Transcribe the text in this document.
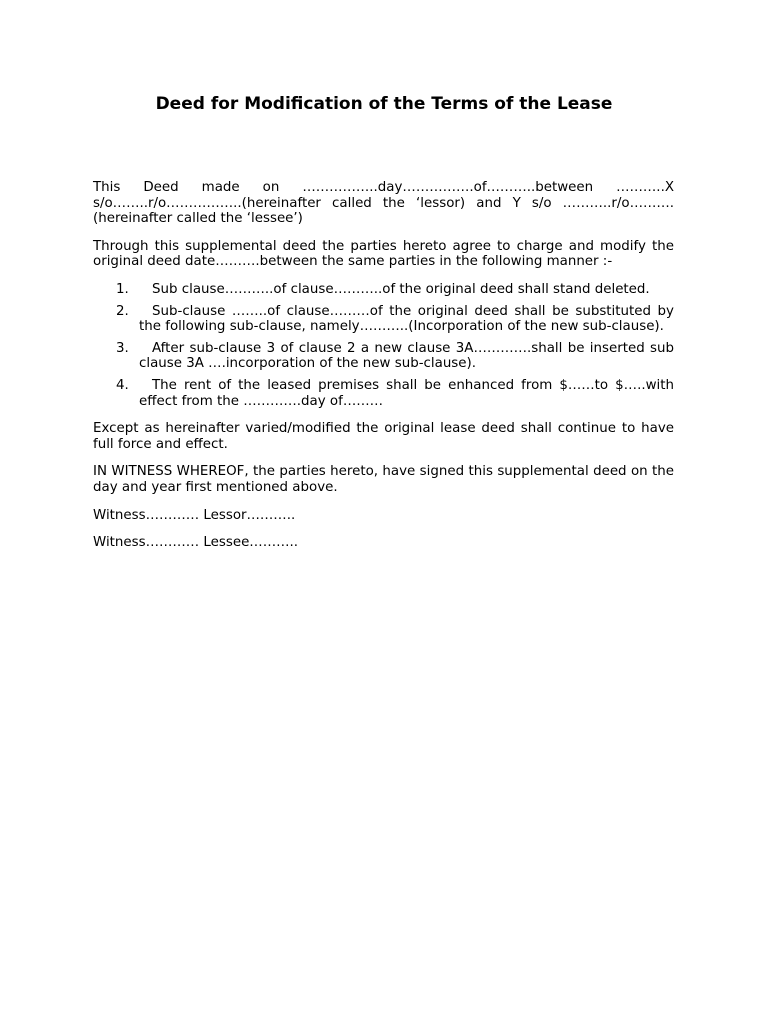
Deed for Modification of the Terms of the Lease

This Deed made on ……………..day…………….of………..between ………..X s/o……..r/o……………..(hereinafter called the ‘lessor) and Y s/o ………..r/o………. (hereinafter called the ‘lessee’)

Through this supplemental deed the parties hereto agree to charge and modify the original deed date……….between the same parties in the following manner :-

1. Sub clause………..of clause………..of the original deed shall stand deleted.
2. Sub-clause ……..of clause………of the original deed shall be substituted by the following sub-clause, namely………..(Incorporation of the new sub-clause).
3. After sub-clause 3 of clause 2 a new clause 3A………….shall be inserted sub clause 3A ….incorporation of the new sub-clause).
4. The rent of the leased premises shall be enhanced from $……to $…..with effect from the ………….day of………

Except as hereinafter varied/modified the original lease deed shall continue to have full force and effect.

IN WITNESS WHEREOF, the parties hereto, have signed this supplemental deed on the day and year first mentioned above.

Witness………… Lessor………..
Witness………… Lessee………..
